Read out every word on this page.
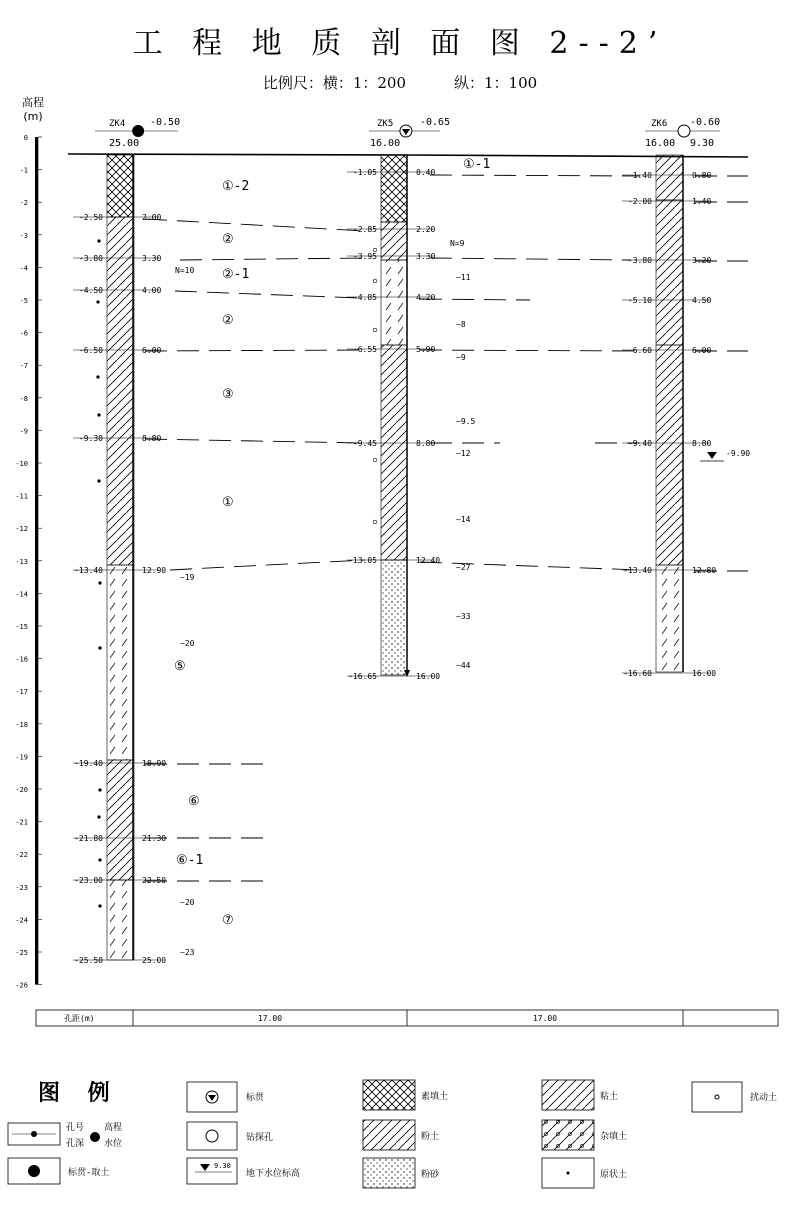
工 程 地 质 剖 面 图 2--2’
比例尺：横：1：200	纵：1：100
高程
(m)
0
-1
-2
-3
-4
-5
-6
-7
-8
-9
-10
-11
-12
-13
-14
-15
-16
-17
-18
-19
-20
-21
-22
-23
-24
-25
-26
ZK4 -0.50
25.00
-2.50	2.00
-3.80	3.30
-4.50	4.00
-6.50	6.00
-9.30	8.80
-13.40	12.90
-19.40	18.90
-21.80	21.30
-23.00	22.50
-25.50	25.00
ZK5	-0.65
16.00
-1.05	0.40
-2.85	2.20
-3.95	3.30
-4.85	4.20
-6.55	5.90
-9.45	8.80
-13.05	12.40
-16.65	16.00
ZK6 -0.60
16.00 9.30
-1.40	0.80
-2.00	1.40
-3.80	3.20
-5.10	4.50
-6.60	6.00
-9.40	8.80
-13.40	12.80
-16.60	16.00
-9.90
①-2
②
②-1
②
③
①
⑤
⑥
⑥-1
⑦
①-1
N=10
~19
~20
~20
~23
N=9
~11
~8
~9
~9.5
~12
~14
~27
~33
~44
孔距(m)	17.00	17.00
孔号
孔深
高程
水位
标贯-取土
标贯
钻探孔
9.30
地下水位标高
素填土
粉土
粉砂
粘土
杂填土
原状土
扰动土
图 例
